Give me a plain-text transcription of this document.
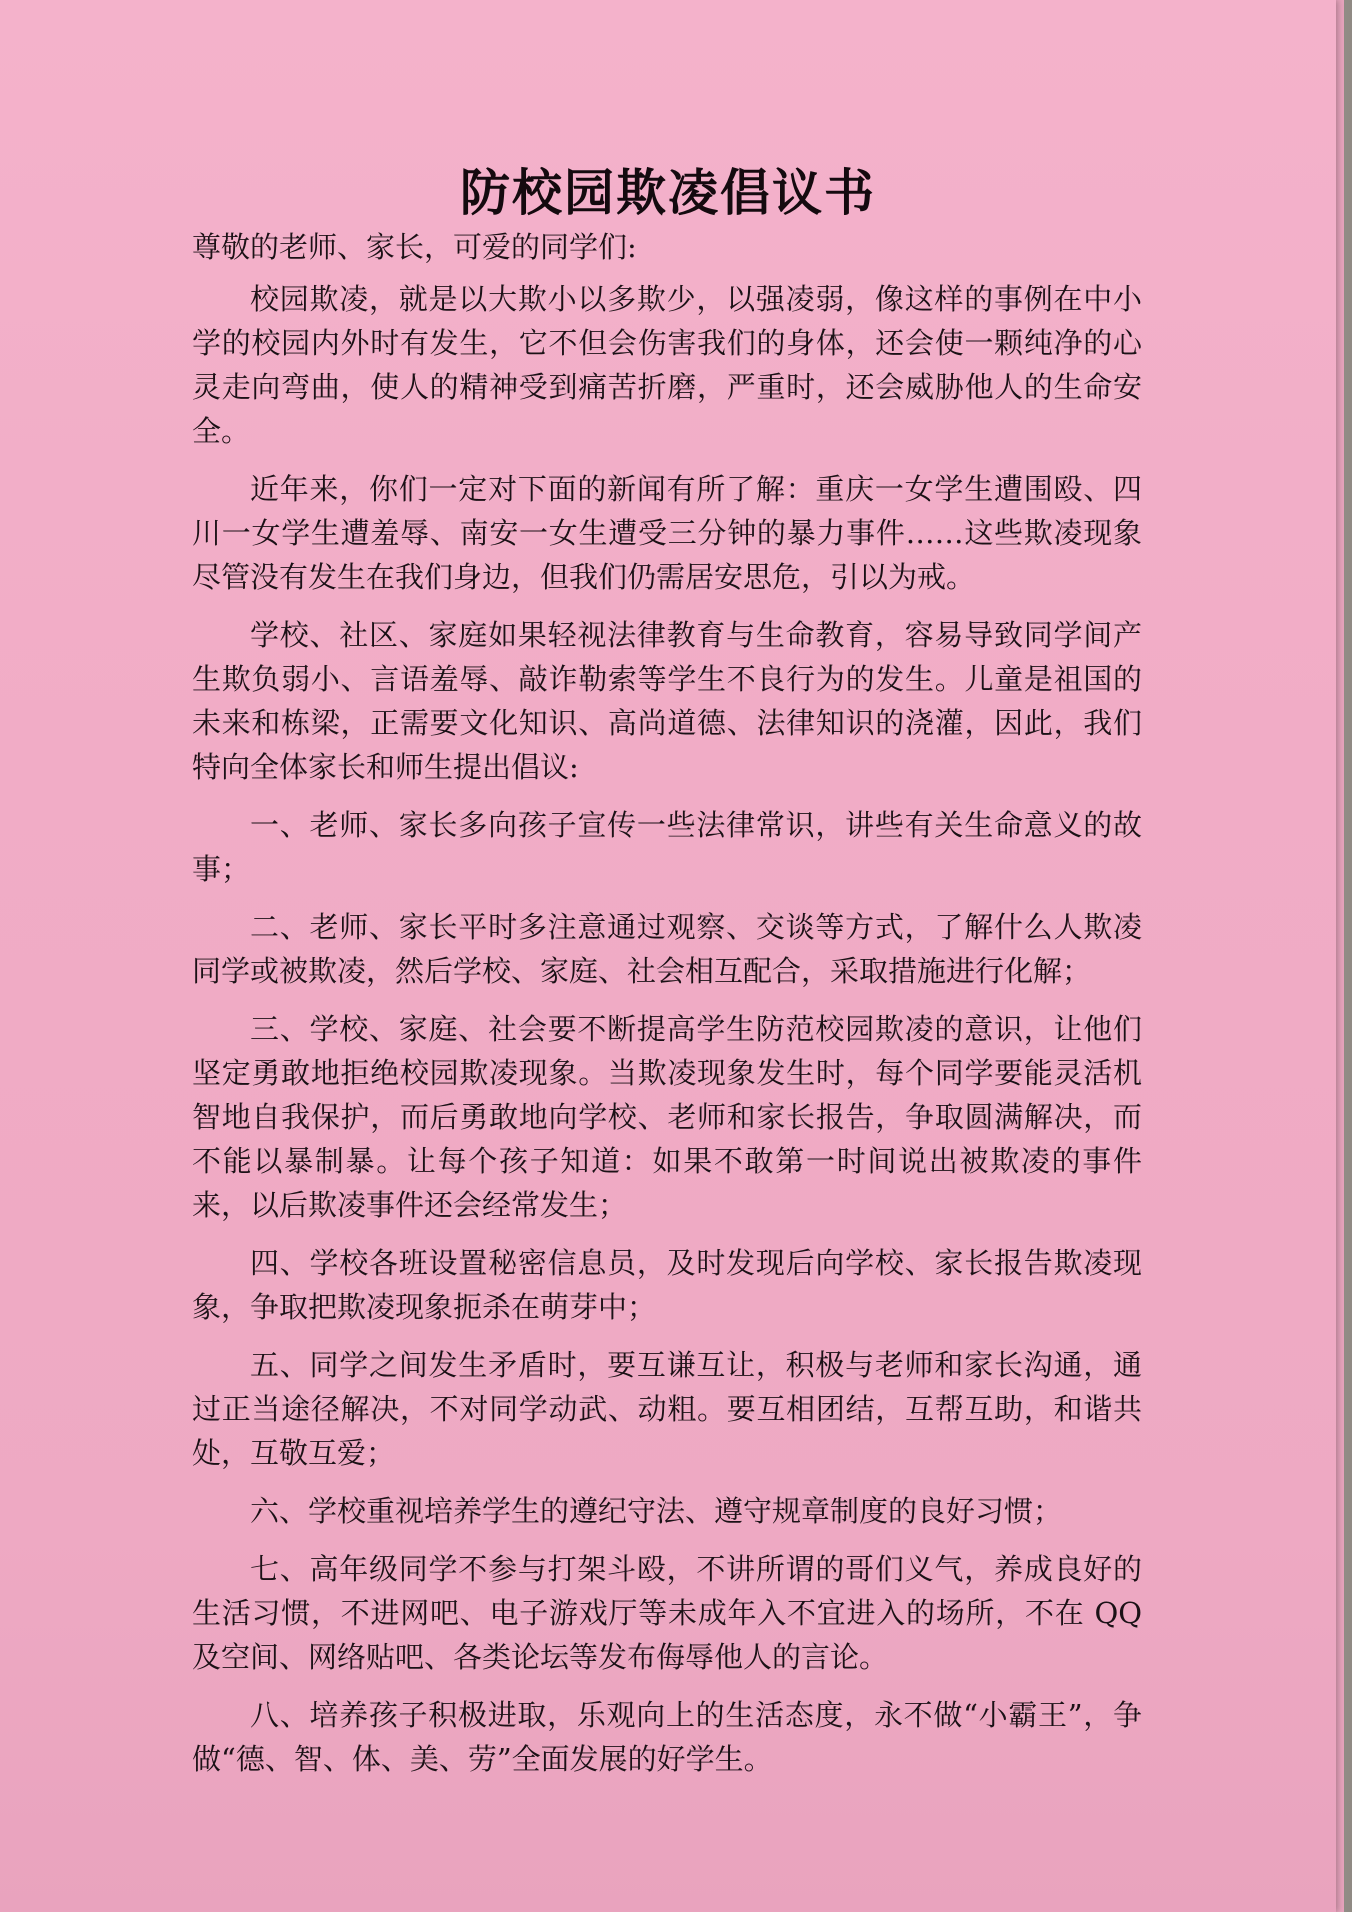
防校园欺凌倡议书
尊敬的老师、家长，可爱的同学们:
校园欺凌，就是以大欺小以多欺少，以强凌弱，像这样的事例在中小学的校园内外时有发生，它不但会伤害我们的身体，还会使一颗纯净的心灵走向弯曲，使人的精神受到痛苦折磨，严重时，还会威胁他人的生命安全。
近年来，你们一定对下面的新闻有所了解：重庆一女学生遭围殴、四川一女学生遭羞辱、南安一女生遭受三分钟的暴力事件……这些欺凌现象尽管没有发生在我们身边，但我们仍需居安思危，引以为戒。
学校、社区、家庭如果轻视法律教育与生命教育，容易导致同学间产生欺负弱小、言语羞辱、敲诈勒索等学生不良行为的发生。儿童是祖国的未来和栋梁，正需要文化知识、高尚道德、法律知识的浇灌，因此，我们特向全体家长和师生提出倡议:
一、老师、家长多向孩子宣传一些法律常识，讲些有关生命意义的故事；
二、老师、家长平时多注意通过观察、交谈等方式，了解什么人欺凌同学或被欺凌，然后学校、家庭、社会相互配合，采取措施进行化解；
三、学校、家庭、社会要不断提高学生防范校园欺凌的意识，让他们坚定勇敢地拒绝校园欺凌现象。当欺凌现象发生时，每个同学要能灵活机智地自我保护，而后勇敢地向学校、老师和家长报告，争取圆满解决，而不能以暴制暴。让每个孩子知道：如果不敢第一时间说出被欺凌的事件来，以后欺凌事件还会经常发生；
四、学校各班设置秘密信息员，及时发现后向学校、家长报告欺凌现象，争取把欺凌现象扼杀在萌芽中；
五、同学之间发生矛盾时，要互谦互让，积极与老师和家长沟通，通过正当途径解决，不对同学动武、动粗。要互相团结，互帮互助，和谐共处，互敬互爱；
六、学校重视培养学生的遵纪守法、遵守规章制度的良好习惯；
七、高年级同学不参与打架斗殴，不讲所谓的哥们义气，养成良好的生活习惯，不进网吧、电子游戏厅等未成年入不宜进入的场所，不在 QQ 及空间、网络贴吧、各类论坛等发布侮辱他人的言论。
八、培养孩子积极进取，乐观向上的生活态度，永不做“小霸王”，争做“德、智、体、美、劳”全面发展的好学生。
